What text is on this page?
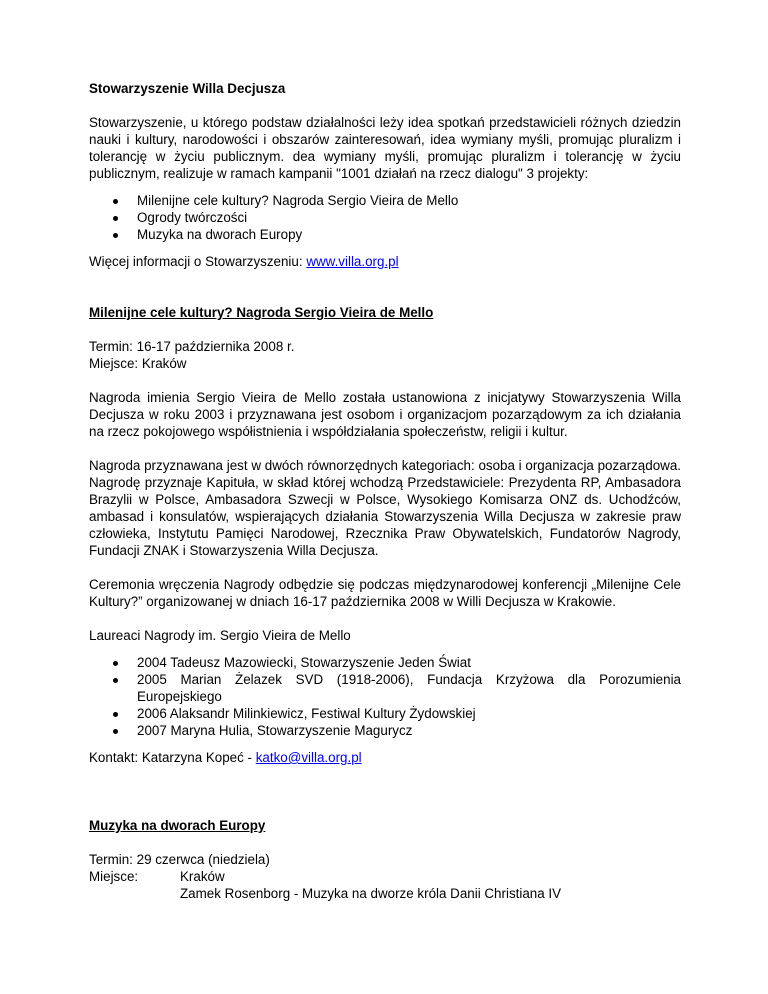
Stowarzyszenie Willa Decjusza

Stowarzyszenie, u którego podstaw działalności leży idea spotkań przedstawicieli różnych dziedzin nauki i kultury, narodowości i obszarów zainteresowań, idea wymiany myśli, promując pluralizm i tolerancję w życiu publicznym. dea wymiany myśli, promując pluralizm i tolerancję w życiu publicznym, realizuje w ramach kampanii "1001 działań na rzecz dialogu" 3 projekty:

Milenijne cele kultury? Nagroda Sergio Vieira de Mello
Ogrody twórczości
Muzyka na dworach Europy

Więcej informacji o Stowarzyszeniu: www.villa.org.pl

Milenijne cele kultury? Nagroda Sergio Vieira de Mello

Termin: 16-17 października 2008 r.

Miejsce: Kraków

Nagroda imienia Sergio Vieira de Mello została ustanowiona z inicjatywy Stowarzyszenia Willa Decjusza w roku 2003 i przyznawana jest osobom i organizacjom pozarządowym za ich działania na rzecz pokojowego współistnienia i współdziałania społeczeństw, religii i kultur.

Nagroda przyznawana jest w dwóch równorzędnych kategoriach: osoba i organizacja pozarządowa. Nagrodę przyznaje Kapituła, w skład której wchodzą Przedstawiciele: Prezydenta RP, Ambasadora Brazylii w Polsce, Ambasadora Szwecji w Polsce, Wysokiego Komisarza ONZ ds. Uchodźców, ambasad i konsulatów, wspierających działania Stowarzyszenia Willa Decjusza w zakresie praw człowieka, Instytutu Pamięci Narodowej, Rzecznika Praw Obywatelskich, Fundatorów Nagrody, Fundacji ZNAK i Stowarzyszenia Willa Decjusza.

Ceremonia wręczenia Nagrody odbędzie się podczas międzynarodowej konferencji „Milenijne Cele Kultury?” organizowanej w dniach 16-17 października 2008 w Willi Decjusza w Krakowie.

Laureaci Nagrody im. Sergio Vieira de Mello

2004 Tadeusz Mazowiecki, Stowarzyszenie Jeden Świat
2005 Marian Żelazek SVD (1918-2006), Fundacja Krzyżowa dla Porozumienia Europejskiego
2006 Alaksandr Milinkiewicz, Festiwal Kultury Żydowskiej
2007 Maryna Hulia, Stowarzyszenie Magurycz

Kontakt: Katarzyna Kopeć - katko@villa.org.pl

Muzyka na dworach Europy

Termin: 29 czerwca (niedziela)

Miejsce:	Kraków
Zamek Rosenborg - Muzyka na dworze króla Danii Christiana IV
